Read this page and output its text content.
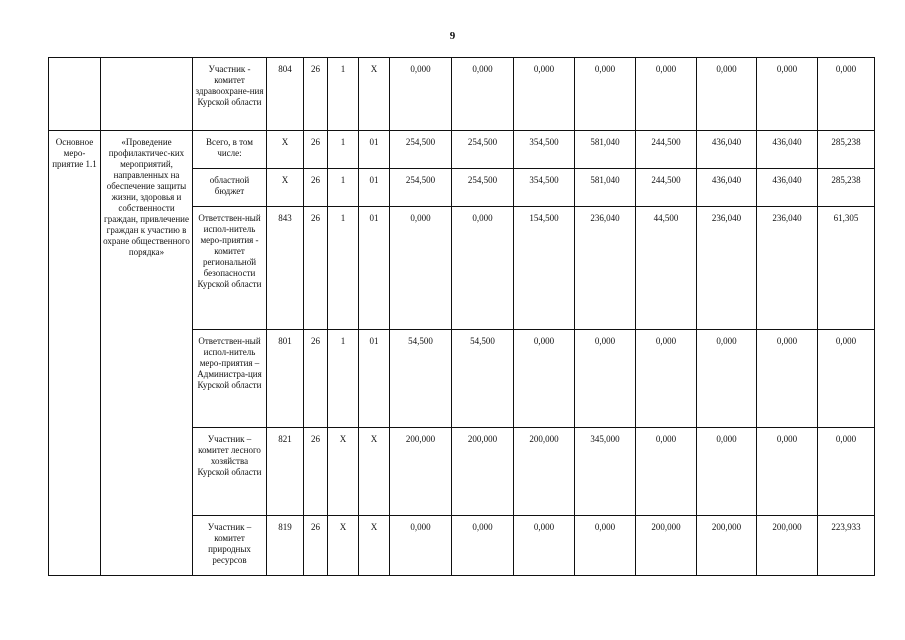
9
		Участник - комитет здравоохране-ния Курской области	804	26	1	Х	0,000	0,000	0,000	0,000	0,000	0,000	0,000	0,000
Основное меро-приятие 1.1	«Проведение профилактичес-ких мероприятий, направленных на обеспечение защиты жизни, здоровья и собственности граждан, привлечение граждан к участию в охране общественного порядка»	Всего, в том числе:	Х	26	1	01	254,500	254,500	354,500	581,040	244,500	436,040	436,040	285,238
		областной бюджет	Х	26	1	01	254,500	254,500	354,500	581,040	244,500	436,040	436,040	285,238
		Ответствен-ный испол-нитель меро-приятия - комитет регионально̆й безопасности Курской области	843	26	1	01	0,000	0,000	154,500	236,040	44,500	236,040	236,040	61,305
		Ответствен-ный испол-нитель меро-приятия – Администра-ция Курской области	801	26	1	01	54,500	54,500	0,000	0,000	0,000	0,000	0,000	0,000
		Участник – комитет лесного хозяйства Курской области	821	26	Х	Х	200,000	200,000	200,000	345,000	0,000	0,000	0,000	0,000
		Участник – комитет природных ресурсов	819	26	Х	Х	0,000	0,000	0,000	0,000	200,000	200,000	200,000	223,933
